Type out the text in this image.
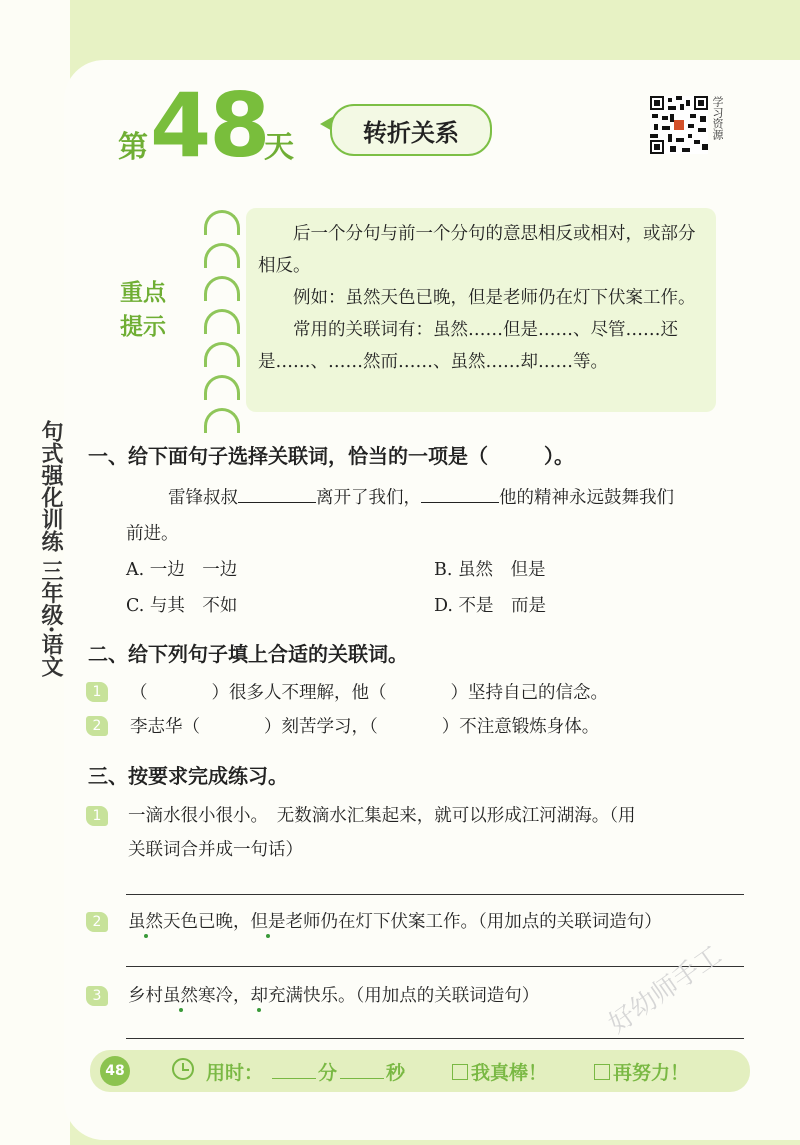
第 48
天	转折关系	学习资源
重点提示

后一个分句与前一个分句的意思相反或相对，或部分相反。

例如：虽然天色已晚，但是老师仍在灯下伏案工作。

常用的关联词有：虽然……但是……、尽管……还是……、……然而……、虽然……却……等。

句式强化训练 三年级·语文 一、给下面句子选择关联词，恰当的一项是（	）。
雷锋叔叔	离开了我们，	他的精神永远鼓舞我们
前进。
A. 一边　一边	B. 虽然　但是
C. 与其　不如	D. 不是　而是
二、给下列句子填上合适的关联词。
1	（	）很多人不理解，他（	）坚持自己的信念。
2	李志华（	）刻苦学习，（	）不注意锻炼身体。
三、按要求完成练习。
1	一滴水很小很小。　无数滴水汇集起来，就可以形成江河湖海。（用
关联词合并成一句话）
2	虽然天色已晚，但是老师仍在灯下伏案工作。（用加点的关联词造句）
3	乡村虽然寒冷，却充满快乐。（用加点的关联词造句）
48	用时：	分	秒	我真棒！	再努力！
好幼师手工
